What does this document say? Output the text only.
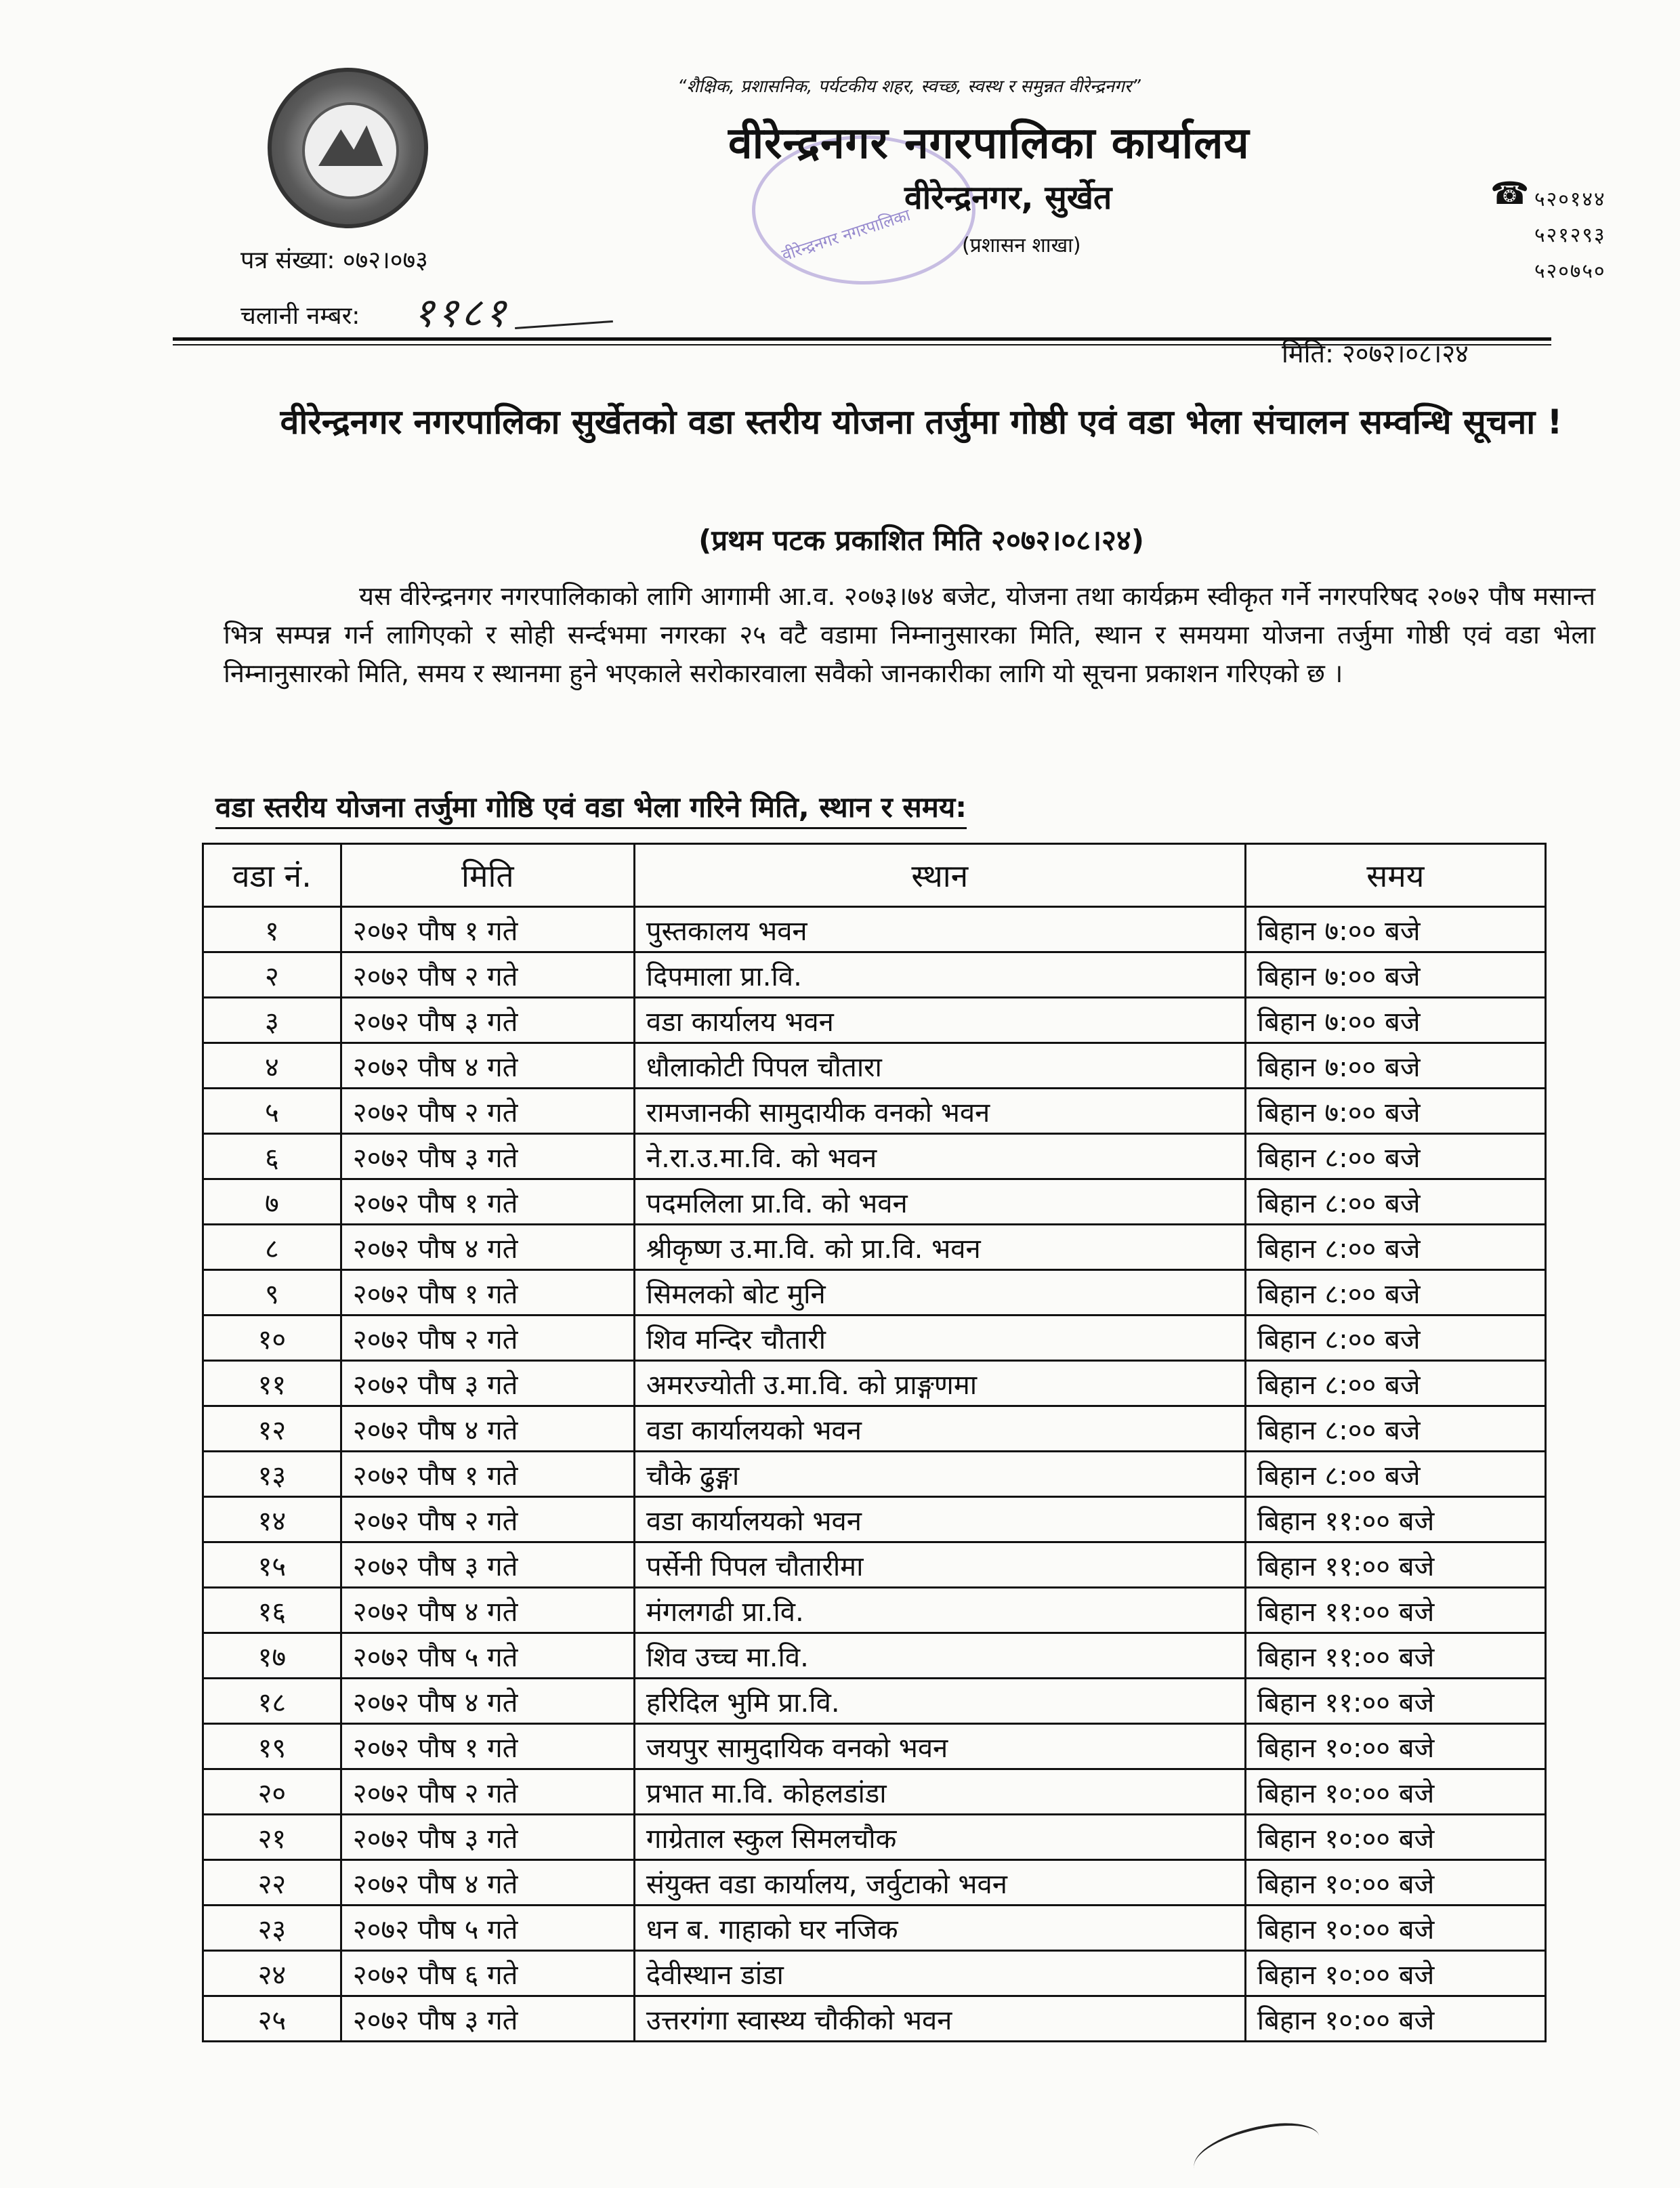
“शैक्षिक, प्रशासनिक, पर्यटकीय शहर, स्वच्छ, स्वस्थ र समुन्नत वीरेन्द्रनगर”
वीरेन्द्रनगर नगरपालिका
वीरेन्द्रनगर नगरपालिका कार्यालय
वीरेन्द्रनगर, सुर्खेत
(प्रशासन शाखा)
☎ ५२०१४४
५२१२९३
५२०७५०
पत्र संख्या: ०७२।०७३
चलानी नम्बर: ११८१
मिति: २०७२।०८।२४
वीरेन्द्रनगर नगरपालिका सुर्खेतको वडा स्तरीय योजना तर्जुमा गोष्ठी एवं वडा भेला संचालन सम्वन्धि सूचना !
(प्रथम पटक प्रकाशित मिति २०७२।०८।२४)
यस वीरेन्द्रनगर नगरपालिकाको लागि आगामी आ.व. २०७३।७४ बजेट, योजना तथा कार्यक्रम स्वीकृत गर्ने नगरपरिषद २०७२ पौष मसान्त भित्र सम्पन्न गर्न लागिएको र सोही सर्न्दभमा नगरका २५ वटै वडामा निम्नानुसारका मिति, स्थान र समयमा योजना तर्जुमा गोष्ठी एवं वडा भेला निम्नानुसारको मिति, समय र स्थानमा हुने भएकाले सरोकारवाला सवैको जानकारीका लागि यो सूचना प्रकाशन गरिएको छ ।
वडा स्तरीय योजना तर्जुमा गोष्ठि एवं वडा भेला गरिने मिति, स्थान र समय:
वडा नं.	मिति	स्थान	समय
१	२०७२ पौष १ गते	पुस्तकालय भवन	बिहान ७:०० बजे
२	२०७२ पौष २ गते	दिपमाला प्रा.वि.	बिहान ७:०० बजे
३	२०७२ पौष ३ गते	वडा कार्यालय भवन	बिहान ७:०० बजे
४	२०७२ पौष ४ गते	धौलाकोटी पिपल चौतारा	बिहान ७:०० बजे
५	२०७२ पौष २ गते	रामजानकी सामुदायीक वनको भवन	बिहान ७:०० बजे
६	२०७२ पौष ३ गते	ने.रा.उ.मा.वि. को भवन	बिहान ८:०० बजे
७	२०७२ पौष १ गते	पदमलिला प्रा.वि. को भवन	बिहान ८:०० बजे
८	२०७२ पौष ४ गते	श्रीकृष्ण उ.मा.वि. को प्रा.वि. भवन	बिहान ८:०० बजे
९	२०७२ पौष १ गते	सिमलको बोट मुनि	बिहान ८:०० बजे
१०	२०७२ पौष २ गते	शिव मन्दिर चौतारी	बिहान ८:०० बजे
११	२०७२ पौष ३ गते	अमरज्योती उ.मा.वि. को प्राङ्गणमा	बिहान ८:०० बजे
१२	२०७२ पौष ४ गते	वडा कार्यालयको भवन	बिहान ८:०० बजे
१३	२०७२ पौष १ गते	चौके ढुङ्गा	बिहान ८:०० बजे
१४	२०७२ पौष २ गते	वडा कार्यालयको भवन	बिहान ११:०० बजे
१५	२०७२ पौष ३ गते	पर्सेनी पिपल चौतारीमा	बिहान ११:०० बजे
१६	२०७२ पौष ४ गते	मंगलगढी प्रा.वि.	बिहान ११:०० बजे
१७	२०७२ पौष ५ गते	शिव उच्च मा.वि.	बिहान ११:०० बजे
१८	२०७२ पौष ४ गते	हरिदिल भुमि प्रा.वि.	बिहान ११:०० बजे
१९	२०७२ पौष १ गते	जयपुर सामुदायिक वनको भवन	बिहान १०:०० बजे
२०	२०७२ पौष २ गते	प्रभात मा.वि. कोहलडांडा	बिहान १०:०० बजे
२१	२०७२ पौष ३ गते	गाग्रेताल स्कुल सिमलचौक	बिहान १०:०० बजे
२२	२०७२ पौष ४ गते	संयुक्त वडा कार्यालय, जर्वुटाको भवन	बिहान १०:०० बजे
२३	२०७२ पौष ५ गते	धन ब. गाहाको घर नजिक	बिहान १०:०० बजे
२४	२०७२ पौष ६ गते	देवीस्थान डांडा	बिहान १०:०० बजे
२५	२०७२ पौष ३ गते	उत्तरगंगा स्वास्थ्य चौकीको भवन	बिहान १०:०० बजे
